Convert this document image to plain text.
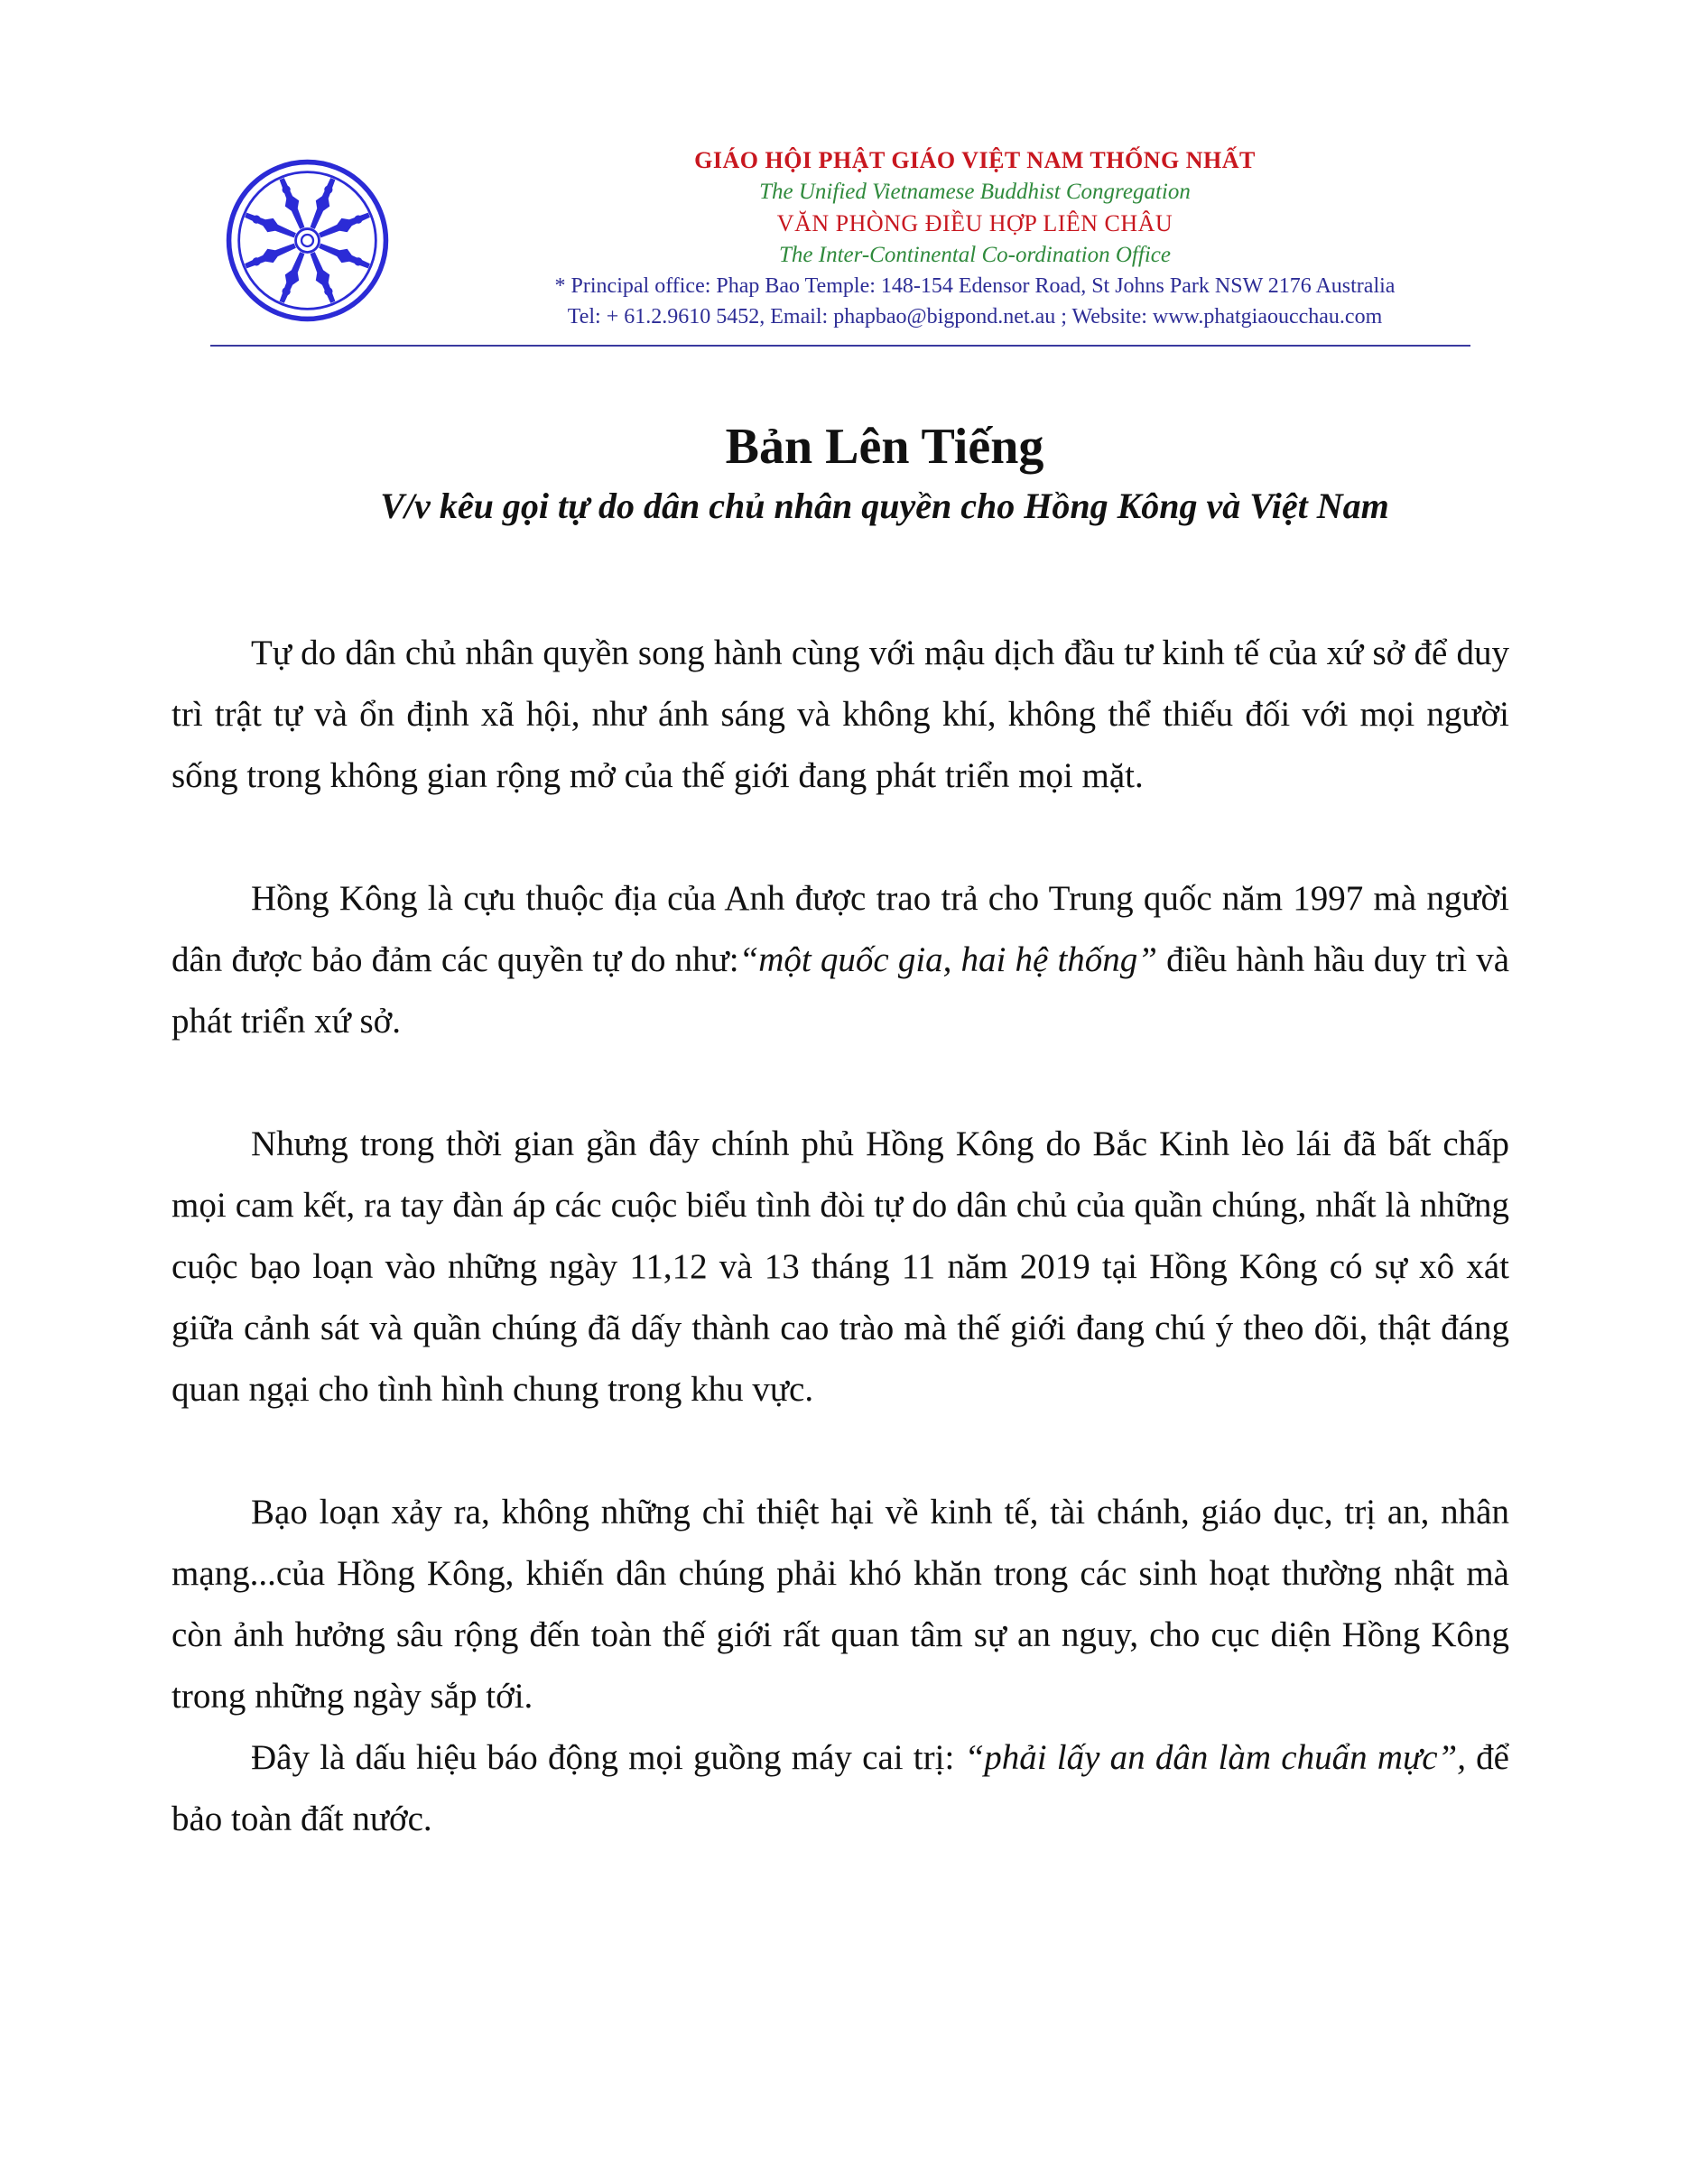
GIÁO HỘI PHẬT GIÁO VIỆT NAM THỐNG NHẤT
The Unified Vietnamese Buddhist Congregation
VĂN PHÒNG ĐIỀU HỢP LIÊN CHÂU
The Inter-Continental Co-ordination Office
* Principal office: Phap Bao Temple: 148-154 Edensor Road, St Johns Park NSW 2176 Australia
Tel: + 61.2.9610 5452, Email: phapbao@bigpond.net.au ; Website: www.phatgiaoucchau.com
Bản Lên Tiếng
V/v kêu gọi tự do dân chủ nhân quyền cho Hồng Kông và Việt Nam

Tự do dân chủ nhân quyền song hành cùng với mậu dịch đầu tư kinh tế của xứ sở để duy trì trật tự và ổn định xã hội, như ánh sáng và không khí, không thể thiếu đối với mọi người sống trong không gian rộng mở của thế giới đang phát triển mọi mặt.

Hồng Kông là cựu thuộc địa của Anh được trao trả cho Trung quốc năm 1997 mà người dân được bảo đảm các quyền tự do như:“một quốc gia, hai hệ thống” điều hành hầu duy trì và phát triển xứ sở.

Nhưng trong thời gian gần đây chính phủ Hồng Kông do Bắc Kinh lèo lái đã bất chấp mọi cam kết, ra tay đàn áp các cuộc biểu tình đòi tự do dân chủ của quần chúng, nhất là những cuộc bạo loạn vào những ngày 11,12 và 13 tháng 11 năm 2019 tại Hồng Kông có sự xô xát giữa cảnh sát và quần chúng đã dấy thành cao trào mà thế giới đang chú ý theo dõi, thật đáng quan ngại cho tình hình chung trong khu vực.

Bạo loạn xảy ra, không những chỉ thiệt hại về kinh tế, tài chánh, giáo dục, trị an, nhân mạng...của Hồng Kông, khiến dân chúng phải khó khăn trong các sinh hoạt thường nhật mà còn ảnh hưởng sâu rộng đến toàn thế giới rất quan tâm sự an nguy, cho cục diện Hồng Kông trong những ngày sắp tới.

Đây là dấu hiệu báo động mọi guồng máy cai trị: “phải lấy an dân làm chuẩn mực”, để bảo toàn đất nước.
